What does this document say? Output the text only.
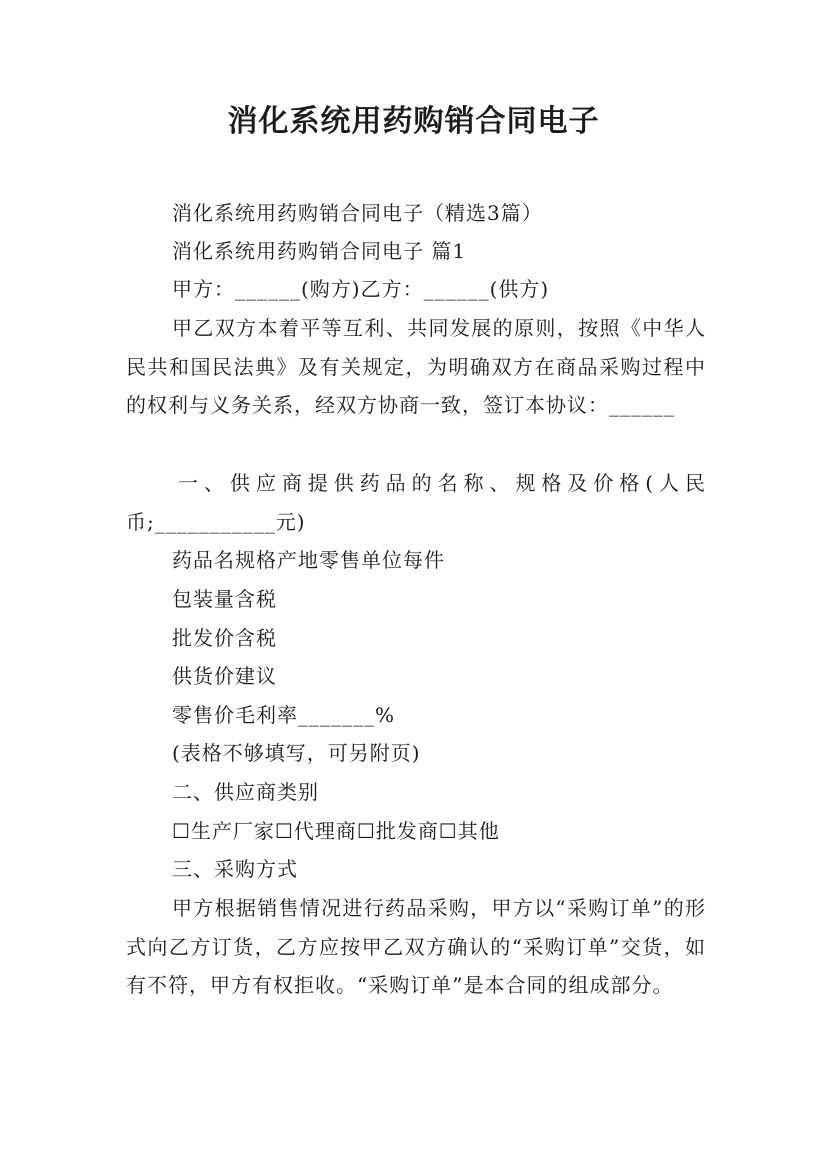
消化系统用药购销合同电子
消化系统用药购销合同电子（精选3篇）
消化系统用药购销合同电子 篇1
甲方：______(购方)乙方：______(供方)
甲乙双方本着平等互利、共同发展的原则，按照《中华人民共和国民法典》及有关规定，为明确双方在商品采购过程中的权利与义务关系，经双方协商一致，签订本协议：______
一、供应商提供药品的名称、规格及价格(人民
币;___________元)
药品名规格产地零售单位每件
包装量含税
批发价含税
供货价建议
零售价毛利率_______%
(表格不够填写，可另附页)
二、供应商类别
☐生产厂家☐代理商☐批发商☐其他
三、采购方式
甲方根据销售情况进行药品采购，甲方以“采购订单”的形式向乙方订货，乙方应按甲乙双方确认的“采购订单”交货，如有不符，甲方有权拒收。“采购订单”是本合同的组成部分。
